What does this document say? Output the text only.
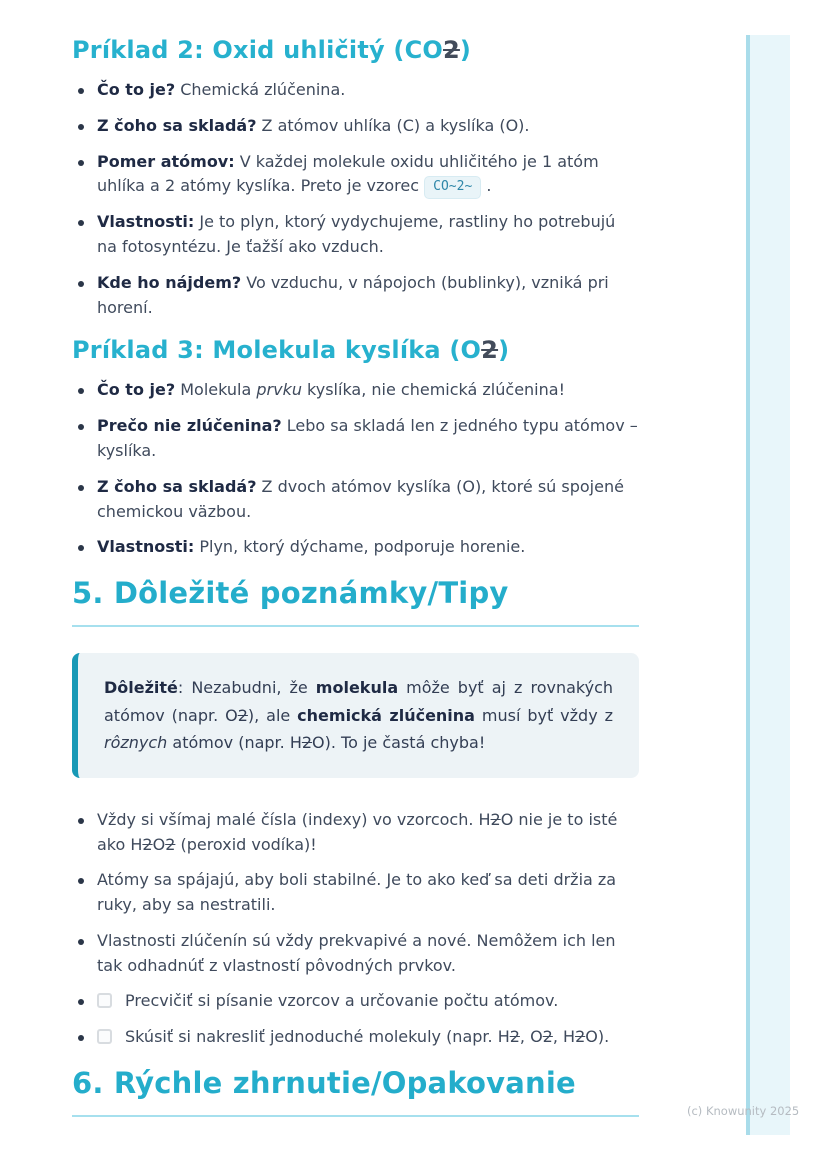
Príklad 2: Oxid uhličitý (CO2)
Čo to je? Chemická zlúčenina.
Z čoho sa skladá? Z atómov uhlíka (C) a kyslíka (O).
Pomer atómov: V každej molekule oxidu uhličitého je 1 atóm uhlíka a 2 atómy kyslíka. Preto je vzorec CO~2~ .
Vlastnosti: Je to plyn, ktorý vydychujeme, rastliny ho potrebujú na fotosyntézu. Je ťažší ako vzduch.
Kde ho nájdem? Vo vzduchu, v nápojoch (bublinky), vzniká pri horení.
Príklad 3: Molekula kyslíka (O2)
Čo to je? Molekula prvku kyslíka, nie chemická zlúčenina!
Prečo nie zlúčenina? Lebo sa skladá len z jedného typu atómov – kyslíka.
Z čoho sa skladá? Z dvoch atómov kyslíka (O), ktoré sú spojené chemickou väzbou.
Vlastnosti: Plyn, ktorý dýchame, podporuje horenie.
5. Dôležité poznámky/Tipy
Dôležité: Nezabudni, že molekula môže byť aj z rovnakých atómov (napr. O2), ale chemická zlúčenina musí byť vždy z rôznych atómov (napr. H2O). To je častá chyba!
Vždy si všímaj malé čísla (indexy) vo vzorcoch. H2O nie je to isté ako H2O2 (peroxid vodíka)!
Atómy sa spájajú, aby boli stabilné. Je to ako keď sa deti držia za ruky, aby sa nestratili.
Vlastnosti zlúčenín sú vždy prekvapivé a nové. Nemôžem ich len tak odhadnúť z vlastností pôvodných prvkov.
Precvičiť si písanie vzorcov a určovanie počtu atómov.
Skúsiť si nakresliť jednoduché molekuly (napr. H2, O2, H2O).
6. Rýchle zhrnutie/Opakovanie
(c) Knowunity 2025
